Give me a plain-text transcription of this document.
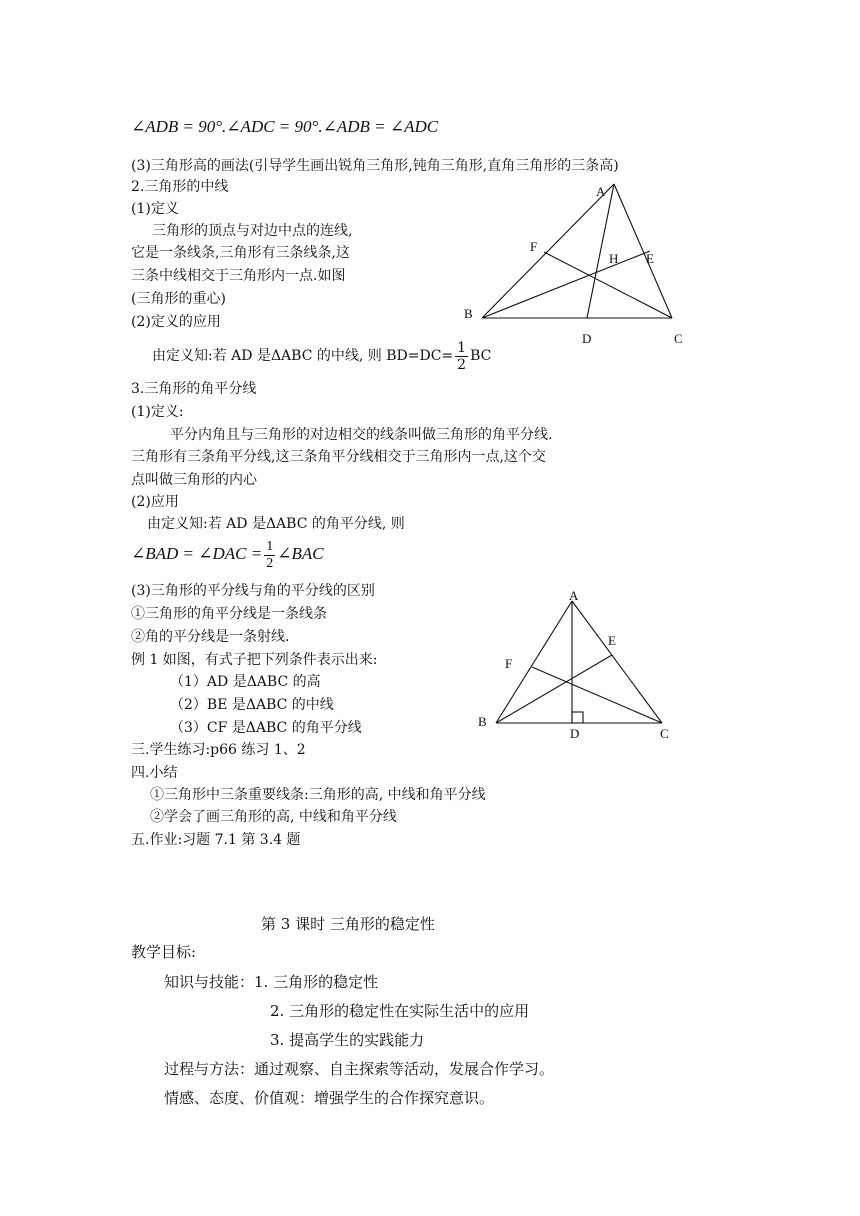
∠ADB = 90°.∠ADC = 90°.∠ADB = ∠ADC
(3)三角形高的画法(引导学生画出锐角三角形,钝角三角形,直角三角形的三条高)
2.三角形的中线
(1)定义
三角形的顶点与对边中点的连线,
它是一条线条,三角形有三条线条,这
三条中线相交于三角形内一点.如图
(三角形的重心)
(2)定义的应用
由定义知:若 AD 是ΔABC 的中线, 则 $BD=DC= \frac{1}{2}$ BC
A
B
C
D
E
F
H
3.三角形的角平分线
(1)定义:
平分内角且与三角形的对边相交的线条叫做三角形的角平分线.
三角形有三条角平分线,这三条角平分线相交于三角形内一点,这个交
点叫做三角形的内心
(2)应用
由定义知:若 AD 是ΔABC 的角平分线, 则
∠BAD = ∠DAC = $\frac{1}{2}$ ∠BAC
(3)三角形的平分线与角的平分线的区别
①三角形的角平分线是一条线条
②角的平分线是一条射线.
例 1 如图，有式子把下列条件表示出来:
（1）AD 是ΔABC 的高
（2）BE 是ΔABC 的中线
（3）CF 是ΔABC 的角平分线
A
B
C
D
E
F
三.学生练习:p66 练习 1、2
四.小结
①三角形中三条重要线条:三角形的高, 中线和角平分线
②学会了画三角形的高, 中线和角平分线
五.作业:习题 7.1 第 3.4 题
第 3 课时 三角形的稳定性
教学目标:
知识与技能：1. 三角形的稳定性
2. 三角形的稳定性在实际生活中的应用
3. 提高学生的实践能力
过程与方法：通过观察、自主探索等活动，发展合作学习。
情感、态度、价值观：增强学生的合作探究意识。
